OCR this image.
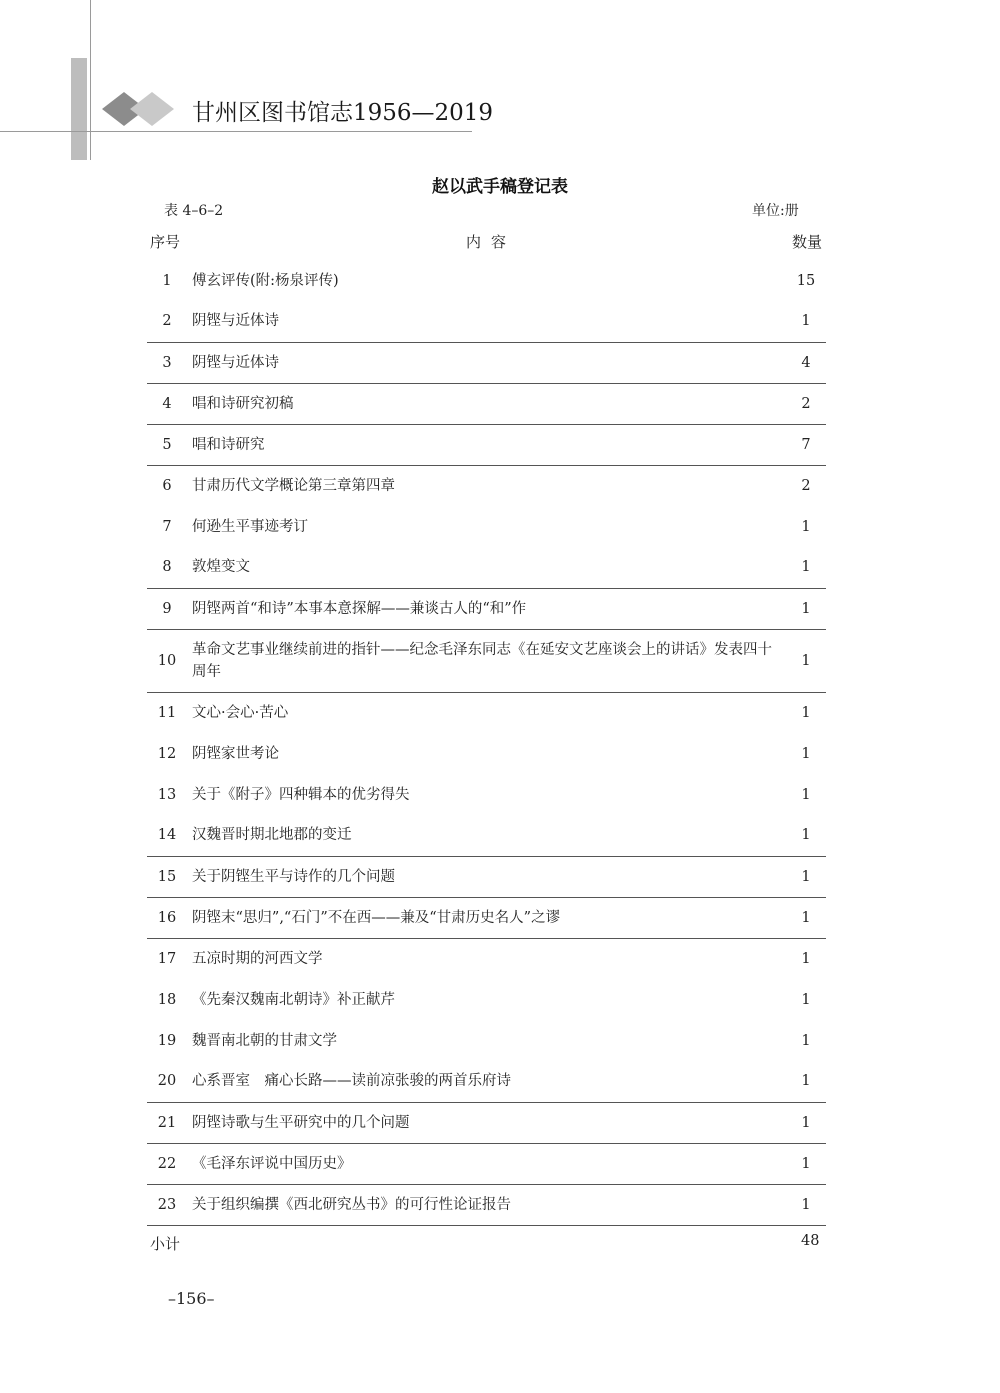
甘州区图书馆志1956—2019
赵以武手稿登记表
表 4–6–2	单位:册
序号	内容	数量
1	傅玄评传(附:杨泉评传)	15
2	阴铿与近体诗	1
3	阴铿与近体诗	4
4	唱和诗研究初稿	2
5	唱和诗研究	7
6	甘肃历代文学概论第三章第四章	2
7	何逊生平事迹考订	1
8	敦煌变文	1
9	阴铿两首“和诗”本事本意探解——兼谈古人的“和”作	1
10	革命文艺事业继续前进的指针——纪念毛泽东同志《在延安文艺座谈会上的讲话》发表四十周年	1
11	文心·会心·苦心	1
12	阴铿家世考论	1
13	关于《附子》四种辑本的优劣得失	1
14	汉魏晋时期北地郡的变迁	1
15	关于阴铿生平与诗作的几个问题	1
16	阴铿末“思归”,“石门”不在西——兼及“甘肃历史名人”之谬	1
17	五凉时期的河西文学	1
18	《先秦汉魏南北朝诗》补正献芹	1
19	魏晋南北朝的甘肃文学	1
20	心系晋室　痛心长路——读前凉张骏的两首乐府诗	1
21	阴铿诗歌与生平研究中的几个问题	1
22	《毛泽东评说中国历史》	1
23	关于组织编撰《西北研究丛书》的可行性论证报告	1
小计	48
–156–
